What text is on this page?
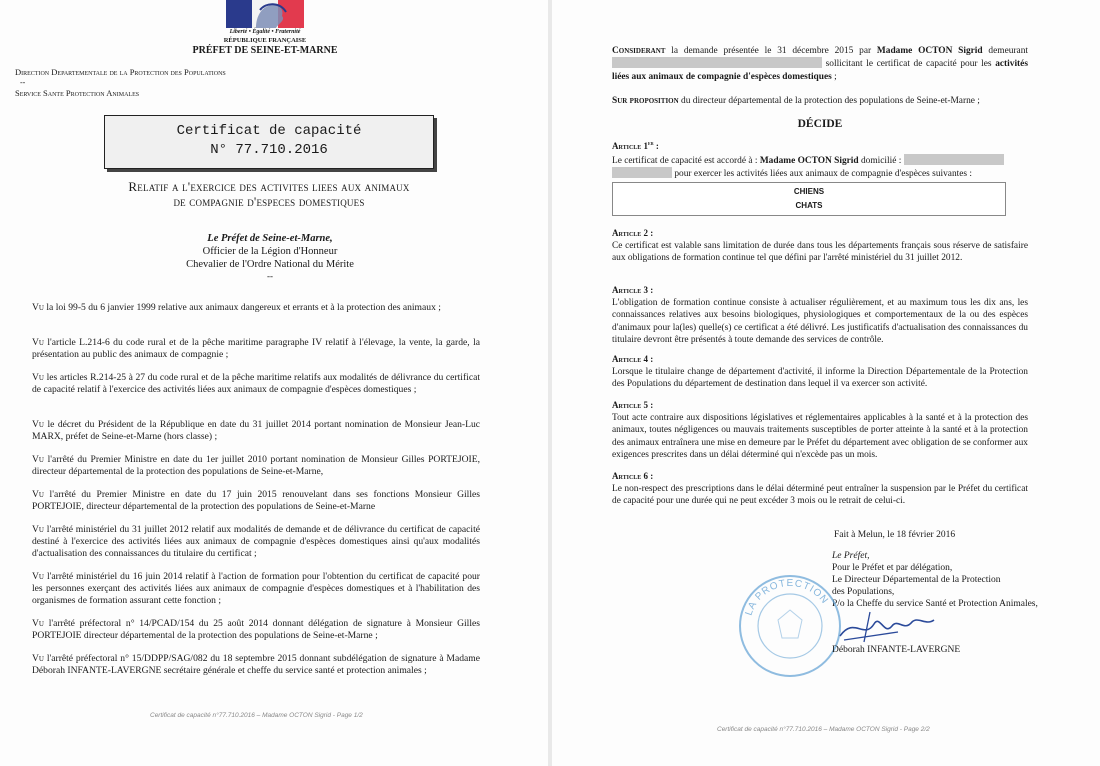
Liberté • Égalité • Fraternité
RÉPUBLIQUE FRANÇAISE
PRÉFET DE SEINE-ET-MARNE
Direction Departementale de la Protection des Populations
--
Service Sante Protection Animales
Certificat de capacité
N° 77.710.2016
Relatif a l'exercice des activites liees aux animaux
de compagnie d'especes domestiques
Le Préfet de Seine-et-Marne,
Officier de la Légion d'Honneur
Chevalier de l'Ordre National du Mérite
--
Vu la loi 99-5 du 6 janvier 1999 relative aux animaux dangereux et errants et à la protection des animaux ;
Vu l'article L.214-6 du code rural et de la pêche maritime paragraphe IV relatif à l'élevage, la vente, la garde, la présentation au public des animaux de compagnie ;
Vu les articles R.214-25 à 27 du code rural et de la pêche maritime relatifs aux modalités de délivrance du certificat de capacité relatif à l'exercice des activités liées aux animaux de compagnie d'espèces domestiques ;
Vu le décret du Président de la République en date du 31 juillet 2014 portant nomination de Monsieur Jean-Luc MARX, préfet de Seine-et-Marne (hors classe) ;
Vu l'arrêté du Premier Ministre en date du 1er juillet 2010 portant nomination de Monsieur Gilles PORTEJOIE, directeur départemental de la protection des populations de Seine-et-Marne,
Vu l'arrêté du Premier Ministre en date du 17 juin 2015 renouvelant dans ses fonctions Monsieur Gilles PORTEJOIE, directeur départemental de la protection des populations de Seine-et-Marne
Vu l'arrêté ministériel du 31 juillet 2012 relatif aux modalités de demande et de délivrance du certificat de capacité destiné à l'exercice des activités liées aux animaux de compagnie d'espèces domestiques ainsi qu'aux modalités d'actualisation des connaissances du titulaire du certificat ;
Vu l'arrêté ministériel du 16 juin 2014 relatif à l'action de formation pour l'obtention du certificat de capacité pour les personnes exerçant des activités liées aux animaux de compagnie d'espèces domestiques et à l'habilitation des organismes de formation assurant cette fonction ;
Vu l'arrêté préfectoral n° 14/PCAD/154 du 25 août 2014 donnant délégation de signature à Monsieur Gilles PORTEJOIE directeur départemental de la protection des populations de Seine-et-Marne ;
Vu l'arrêté préfectoral n° 15/DDPP/SAG/082 du 18 septembre 2015 donnant subdélégation de signature à Madame Déborah INFANTE-LAVERGNE secrétaire générale et cheffe du service santé et protection animales ;
Certificat de capacité n°77.710.2016 – Madame OCTON Sigrid - Page 1/2
Considerant la demande présentée le 31 décembre 2015 par Madame OCTON Sigrid demeurant  sollicitant le certificat de capacité pour les activités liées aux animaux de compagnie d'espèces domestiques ;
Sur proposition du directeur départemental de la protection des populations de Seine-et-Marne ;
DÉCIDE
Article 1er :
Le certificat de capacité est accordé à : Madame OCTON Sigrid domicilié :
pour exercer les activités liées aux animaux de compagnie d'espèces suivantes :
CHIENS
CHATS
Article 2 :
Ce certificat est valable sans limitation de durée dans tous les départements français sous réserve de satisfaire aux obligations de formation continue tel que défini par l'arrêté ministériel du 31 juillet 2012.
Article 3 :
L'obligation de formation continue consiste à actualiser régulièrement, et au maximum tous les dix ans, les connaissances relatives aux besoins biologiques, physiologiques et comportementaux de la ou des espèces d'animaux pour la(les) quelle(s) ce certificat a été délivré. Les justificatifs d'actualisation des connaissances du titulaire devront être présentés à toute demande des services de contrôle.
Article 4 :
Lorsque le titulaire change de département d'activité, il informe la Direction Départementale de la Protection des Populations du département de destination dans lequel il va exercer son activité.
Article 5 :
Tout acte contraire aux dispositions législatives et réglementaires applicables à la santé et à la protection des animaux, toutes négligences ou mauvais traitements susceptibles de porter atteinte à la santé et à la protection des animaux entraînera une mise en demeure par le Préfet du département avec obligation de se conformer aux exigences prescrites dans un délai déterminé qui n'excède pas un mois.
Article 6 :
Le non-respect des prescriptions dans le délai déterminé peut entraîner la suspension par le Préfet du certificat de capacité pour une durée qui ne peut excéder 3 mois ou le retrait de celui-ci.
Fait à Melun, le 18 février 2016
Le Préfet,
Pour le Préfet et par délégation,
Le Directeur Départemental de la Protection
des Populations,
P/o la Cheffe du service Santé et Protection Animales,
LA PROTECTION
Déborah INFANTE-LAVERGNE
Certificat de capacité n°77.710.2016 – Madame OCTON Sigrid - Page 2/2
